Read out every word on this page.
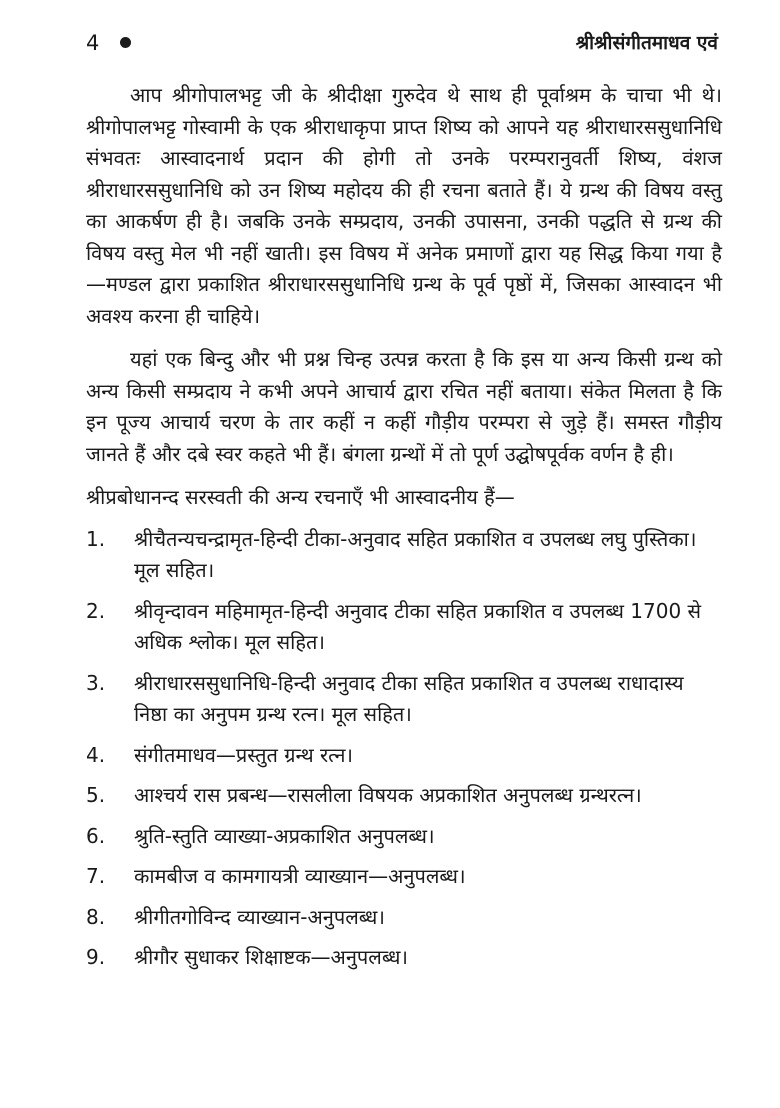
4	श्रीश्रीसंगीतमाधव एवं

आप श्रीगोपालभट्ट जी के श्रीदीक्षा गुरुदेव थे साथ ही पूर्वाश्रम के चाचा भी थे। श्रीगोपालभट्ट गोस्वामी के एक श्रीराधाकृपा प्राप्त शिष्य को आपने यह श्रीराधारससुधानिधि संभवतः आस्वादनार्थ प्रदान की होगी तो उनके परम्परानुवर्ती शिष्य, वंशज श्रीराधारससुधानिधि को उन शिष्य महोदय की ही रचना बताते हैं। ये ग्रन्थ की विषय वस्तु का आकर्षण ही है। जबकि उनके सम्प्रदाय, उनकी उपासना, उनकी पद्धति से ग्रन्थ की विषय वस्तु मेल भी नहीं खाती। इस विषय में अनेक प्रमाणों द्वारा यह सिद्ध किया गया है—मण्डल द्वारा प्रकाशित श्रीराधारससुधानिधि ग्रन्थ के पूर्व पृष्ठों में, जिसका आस्वादन भी अवश्य करना ही चाहिये।

यहां एक बिन्दु और भी प्रश्न चिन्ह उत्पन्न करता है कि इस या अन्य किसी ग्रन्थ को अन्य किसी सम्प्रदाय ने कभी अपने आचार्य द्वारा रचित नहीं बताया। संकेत मिलता है कि इन पूज्य आचार्य चरण के तार कहीं न कहीं गौड़ीय परम्परा से जुड़े हैं। समस्त गौड़ीय जानते हैं और दबे स्वर कहते भी हैं। बंगला ग्रन्थों में तो पूर्ण उद्घोषपूर्वक वर्णन है ही।

श्रीप्रबोधानन्द सरस्वती की अन्य रचनाएँ भी आस्वादनीय हैं—

1. श्रीचैतन्यचन्द्रामृत-हिन्दी टीका-अनुवाद सहित प्रकाशित व उपलब्ध लघु पुस्तिका। मूल सहित।
2. श्रीवृन्दावन महिमामृत-हिन्दी अनुवाद टीका सहित प्रकाशित व उपलब्ध 1700 से अधिक श्लोक। मूल सहित।
3. श्रीराधारससुधानिधि-हिन्दी अनुवाद टीका सहित प्रकाशित व उपलब्ध राधादास्य निष्ठा का अनुपम ग्रन्थ रत्न। मूल सहित।
4. संगीतमाधव—प्रस्तुत ग्रन्थ रत्न।
5. आश्चर्य रास प्रबन्ध—रासलीला विषयक अप्रकाशित अनुपलब्ध ग्रन्थरत्न।
6. श्रुति-स्तुति व्याख्या-अप्रकाशित अनुपलब्ध।
7. कामबीज व कामगायत्री व्याख्यान—अनुपलब्ध।
8. श्रीगीतगोविन्द व्याख्यान-अनुपलब्ध।
9. श्रीगौर सुधाकर शिक्षाष्टक—अनुपलब्ध।
